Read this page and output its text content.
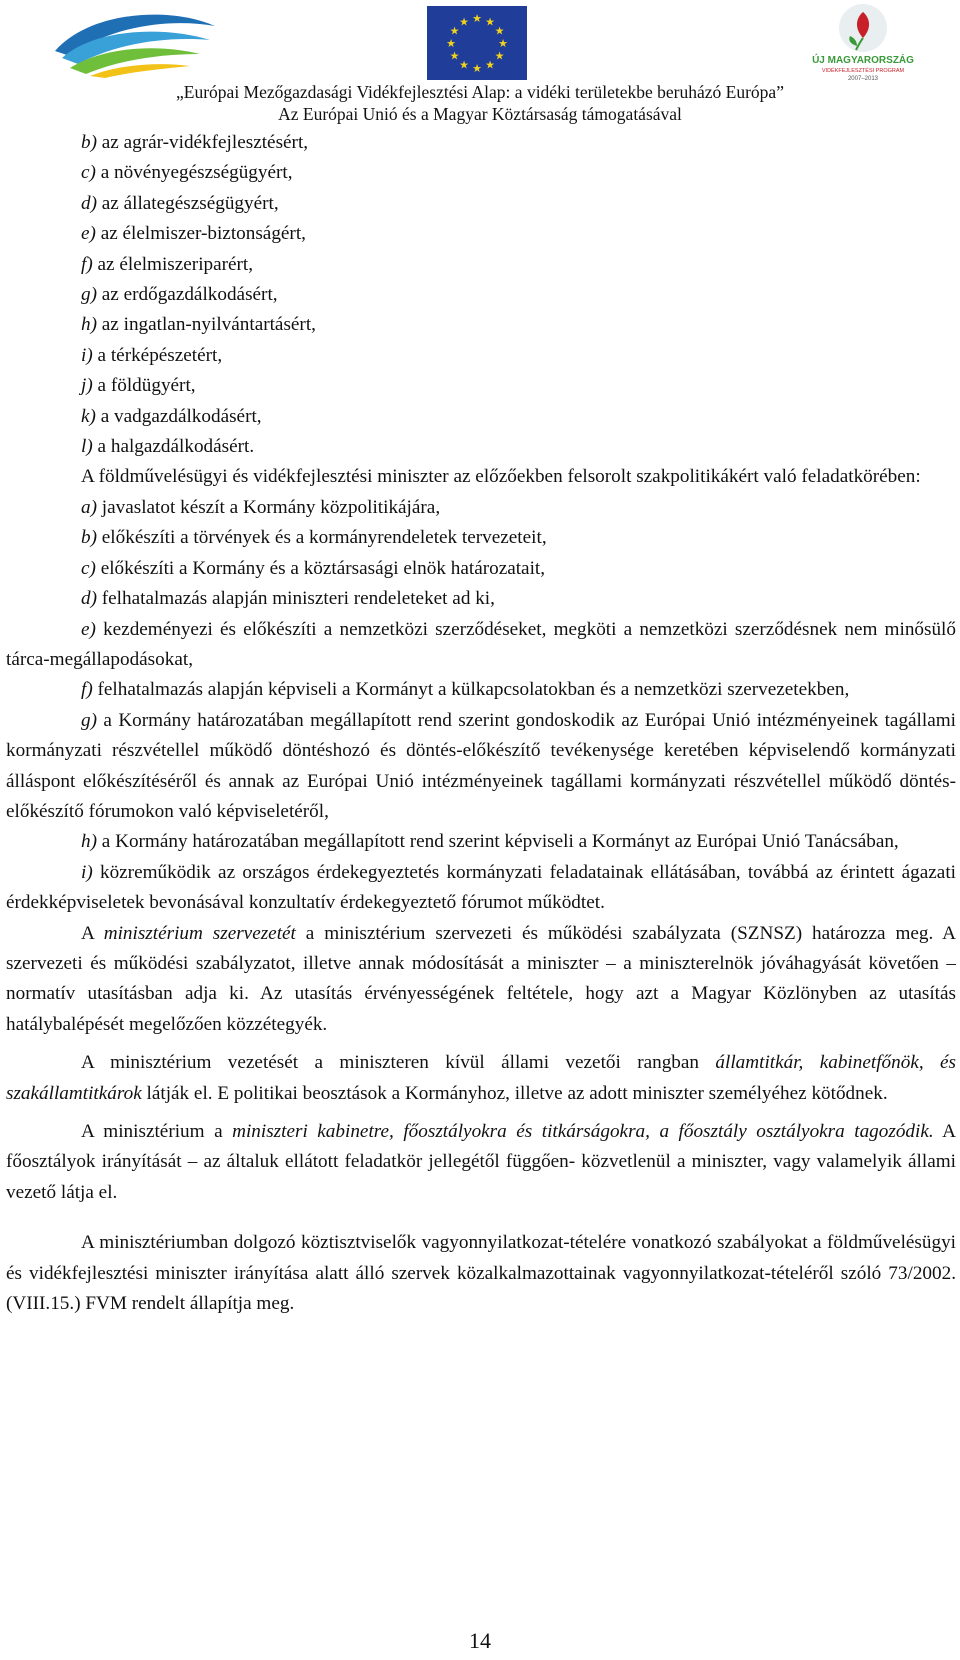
★ ★
★
★
★
★
★
★
★
★
★
★
ÚJ MAGYARORSZÁG
VIDÉKFEJLESZTÉSI PROGRAM
2007–2013
„Európai Mezőgazdasági Vidékfejlesztési Alap: a vidéki területekbe beruházó Európa”
Az Európai Unió és a Magyar Köztársaság támogatásával
b) az agrár-vidékfejlesztésért,
c) a növényegészségügyért,
d) az állategészségügyért,
e) az élelmiszer-biztonságért,
f) az élelmiszeriparért,
g) az erdőgazdálkodásért,
h) az ingatlan-nyilvántartásért,
i) a térképészetért,
j) a földügyért,
k) a vadgazdálkodásért,
l) a halgazdálkodásért.

A földművelésügyi és vidékfejlesztési miniszter az előzőekben felsorolt szakpolitikákért való feladatkörében:

a) javaslatot készít a Kormány közpolitikájára,
b) előkészíti a törvények és a kormányrendeletek tervezeteit,
c) előkészíti a Kormány és a köztársasági elnök határozatait,
d) felhatalmazás alapján miniszteri rendeleteket ad ki,
e) kezdeményezi és előkészíti a nemzetközi szerződéseket, megköti a nemzetközi szerződésnek nem minősülő tárca-megállapodásokat,
f) felhatalmazás alapján képviseli a Kormányt a külkapcsolatokban és a nemzetközi szervezetekben,
g) a Kormány határozatában megállapított rend szerint gondoskodik az Európai Unió intézményeinek tagállami kormányzati részvétellel működő döntéshozó és döntés-előkészítő tevékenysége keretében képviselendő kormányzati álláspont előkészítéséről és annak az Európai Unió intézményeinek tagállami kormányzati részvétellel működő döntés-előkészítő fórumokon való képviseletéről,
h) a Kormány határozatában megállapított rend szerint képviseli a Kormányt az Európai Unió Tanácsában,
i) közreműködik az országos érdekegyeztetés kormányzati feladatainak ellátásában, továbbá az érintett ágazati érdekképviseletek bevonásával konzultatív érdekegyeztető fórumot működtet.

A minisztérium szervezetét a minisztérium szervezeti és működési szabályzata (SZNSZ) határozza meg. A szervezeti és működési szabályzatot, illetve annak módosítását a miniszter – a miniszterelnök jóváhagyását követően – normatív utasításban adja ki. Az utasítás érvényességének feltétele, hogy azt a Magyar Közlönyben az utasítás hatálybalépését megelőzően közzétegyék.

A minisztérium vezetését a miniszteren kívül állami vezetői rangban államtitkár, kabinetfőnök, és szakállamtitkárok látják el. E politikai beosztások a Kormányhoz, illetve az adott miniszter személyéhez kötődnek.

A minisztérium a miniszteri kabinetre, főosztályokra és titkárságokra, a főosztály osztályokra tagozódik. A főosztályok irányítását – az általuk ellátott feladatkör jellegétől függően- közvetlenül a miniszter, vagy valamelyik állami vezető látja el.

A minisztériumban dolgozó köztisztviselők vagyonnyilatkozat-tételére vonatkozó szabályokat a földművelésügyi és vidékfejlesztési miniszter irányítása alatt álló szervek közalkalmazottainak vagyonnyilatkozat-tételéről szóló 73/2002.(VIII.15.) FVM rendelt állapítja meg.

14
